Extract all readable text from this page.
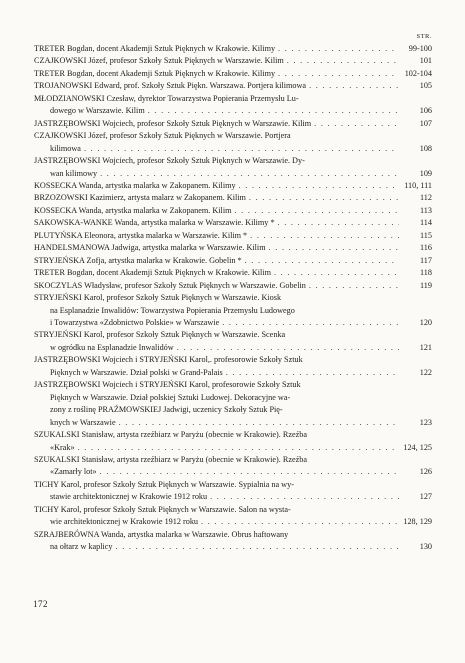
STR.
TRETER Bogdan, docent Akademji Sztuk Pięknych w Krakowie. Kilimy . . .	99-100
CZAJKOWSKI Józef, profesor Szkoły Sztuk Pięknych w Warszawie. Kilim . . .	101
TRETER Bogdan, docent Akademji Sztuk Pięknych w Krakowie. Kilimy . . .	102-104
TROJANOWSKI Edward, prof. Szkoły Sztuk Piękn. Warszawa. Portjera kilimowa . . .	105
MŁODZIANOWSKI Czesław, dyrektor Towarzystwa Popierania Przemysłu Lu-
dowego w Warszawie. Kilim . . .	106
JASTRZĘBOWSKI Wojciech, profesor Szkoły Sztuk Pięknych w Warszawie. Kilim . . .	107
CZAJKOWSKI Józef, profesor Szkoły Sztuk Pięknych w Warszawie. Portjera
kilimowa . . .	108
JASTRZĘBOWSKI Wojciech, profesor Szkoły Sztuk Pięknych w Warszawie. Dy-
wan kilimowy . . .	109
KOSSECKA Wanda, artystka malarka w Zakopanem. Kilimy . . .	110, 111
BRZOZOWSKI Kazimierz, artysta malarz w Zakopanem. Kilim . . .	112
KOSSECKA Wanda, artystka malarka w Zakopanem. Kilim . . .	113
SAKOWSKA-WANKE Wanda, artystka malarka w Warszawie. Kilimy * . . .	114
PLUTYŃSKA Eleonora, artystka malarka w Warszawie. Kilim * . . .	115
HANDELSMANOWA Jadwiga, artystka malarka w Warszawie. Kilim . . .	116
STRYJEŃSKA Zofja, artystka malarka w Krakowie. Gobelin * . . .	117
TRETER Bogdan, docent Akademji Sztuk Pięknych w Krakowie. Kilim . . .	118
SKOCZYLAS Władysław, profesor Szkoły Sztuk Pięknych w Warszawie. Gobelin . . .	119
STRYJEŃSKI Karol, profesor Szkoły Sztuk Pięknych w Warszawie. Kiosk
na Esplanadzie Inwalidów: Towarzystwa Popierania Przemysłu Ludowego
i Towarzystwa «Zdobnictwo Polskie» w Warszawie . . .	120
STRYJEŃSKI Karol, profesor Szkoły Sztuk Pięknych w Warszawie. Scenka
w ogródku na Esplanadzie Inwalidów . . .	121
JASTRZĘBOWSKI Wojciech i STRYJEŃSKI Karol,. profesorowie Szkoły Sztuk
Pięknych w Warszawie. Dział polski w Grand-Palais . . .	122
JASTRZĘBOWSKI Wojciech i STRYJEŃSKI Karol, profesorowie Szkoły Sztuk
Pięknych w Warszawie. Dział polskiej Sztuki Ludowej. Dekoracyjne wa-
zony z roślinę PRAŹMOWSKIEJ Jadwigi, uczenicy Szkoły Sztuk Pię-
knych w Warszawie . . .	123
SZUKALSKI Stanisław, artysta rzeźbiarz w Paryżu (obecnie w Krakowie). Rzeźba
«Krak» . . .	124, 125
SZUKALSKI Stanisław, artysta rzeźbiarz w Paryżu (obecnie w Krakowie). Rzeźba
«Zamarły lot» . . .	126
TICHY Karol, profesor Szkoły Sztuk Pięknych w Warszawie. Sypialnia na wy-
stawie architektonicznej w Krakowie 1912 roku . . .	127
TICHY Karol, profesor Szkoły Sztuk Pięknych w Warszawie. Salon na wysta-
wie architektonicznej w Krakowie 1912 roku . . .	128, 129
SZRAJBERÓWNA Wanda, artystka malarka w Warszawie. Obrus haftowany
na ołtarz w kaplicy . . .	130
172
